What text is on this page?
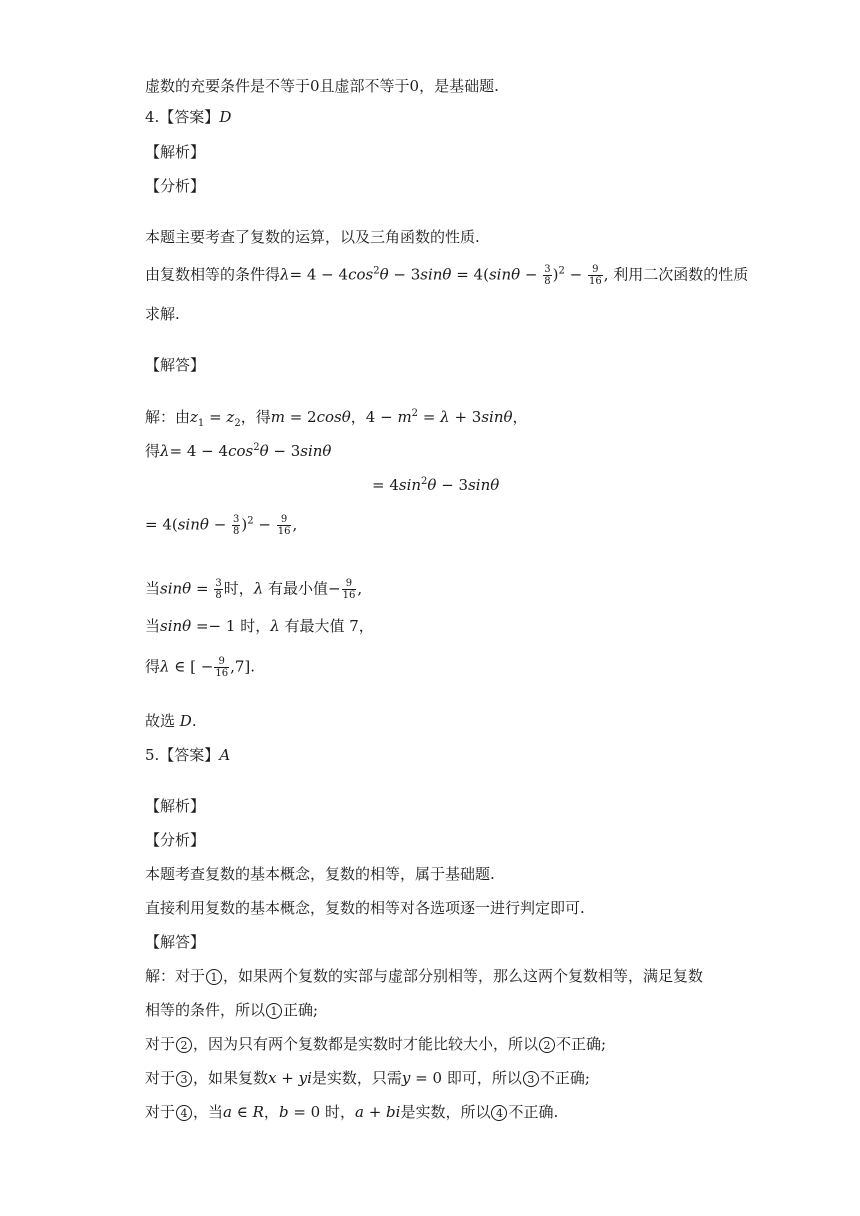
虚数的充要条件是不等于0且虚部不等于0，是基础题.
4.【答案】D
【解析】
【分析】
本题主要考查了复数的运算，以及三角函数的性质.
由复数相等的条件得$\lambda= 4 - 4\cos^2\theta - 3\sin\theta = 4(\sin\theta - \frac{3}{8} )^2 - \frac{9}{16}$ , 利用二次函数的性质
求解.
【解答】
解：由$z_1 = z_2$，得m = 2cosθ，$4 - m^2 = \lambda + 3\sin\theta$，
得$\lambda= 4 - 4\cos^2\theta - 3\sin\theta$
= $4\sin^2\theta - 3\sin\theta$
= $4(\sin\theta - \frac{3}{8} )^2 - \frac{9}{16}$ ,
当$\sin\theta = \frac{3}{8}$ 时，λ 有最小值− $\frac{9}{16}$ ,
当sinθ =− 1 时，λ 有最大值 7，
得λ ∈ [ − $\frac{9}{16} ,7$].
故选 D.
5.【答案】A
【解析】
【分析】
本题考查复数的基本概念，复数的相等，属于基础题.
直接利用复数的基本概念，复数的相等对各选项逐一进行判定即可.
【解答】
解：对于 1 ，如果两个复数的实部与虚部分别相等，那么这两个复数相等，满足复数
相等的条件，所以 1 正确;
对于 2 ，因为只有两个复数都是实数时才能比较大小，所以 2 不正确;
对于 3 ，如果复数x + yi是实数，只需y = 0 即可，所以 3 不正确;
对于 4 ，当a ∈ R，b = 0 时，a + bi是实数，所以 4 不正确.
